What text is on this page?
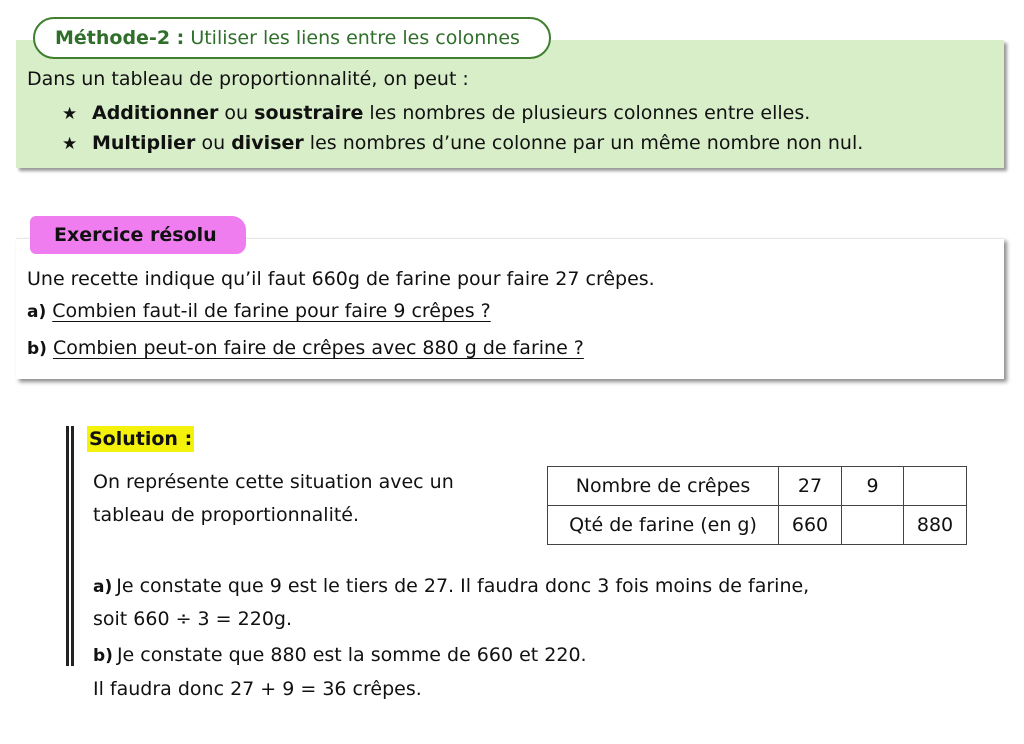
Méthode-2 : Utiliser les liens entre les colonnes
Dans un tableau de proportionnalité, on peut :
★ Additionner ou soustraire les nombres de plusieurs colonnes entre elles.
★ Multiplier ou diviser les nombres d’une colonne par un même nombre non nul.
Exercice résolu
Une recette indique qu’il faut 660g de farine pour faire 27 crêpes.
a) Combien faut-il de farine pour faire 9 crêpes ?
b) Combien peut-on faire de crêpes avec 880 g de farine ?
Solution :
On représente cette situation avec un
tableau de proportionnalité.
Nombre de crêpes	27	9	
Qté de farine (en g)	660		880
a) Je constate que 9 est le tiers de 27. Il faudra donc 3 fois moins de farine,
soit 660 ÷ 3 = 220g.
b) Je constate que 880 est la somme de 660 et 220.
Il faudra donc 27 + 9 = 36 crêpes.
